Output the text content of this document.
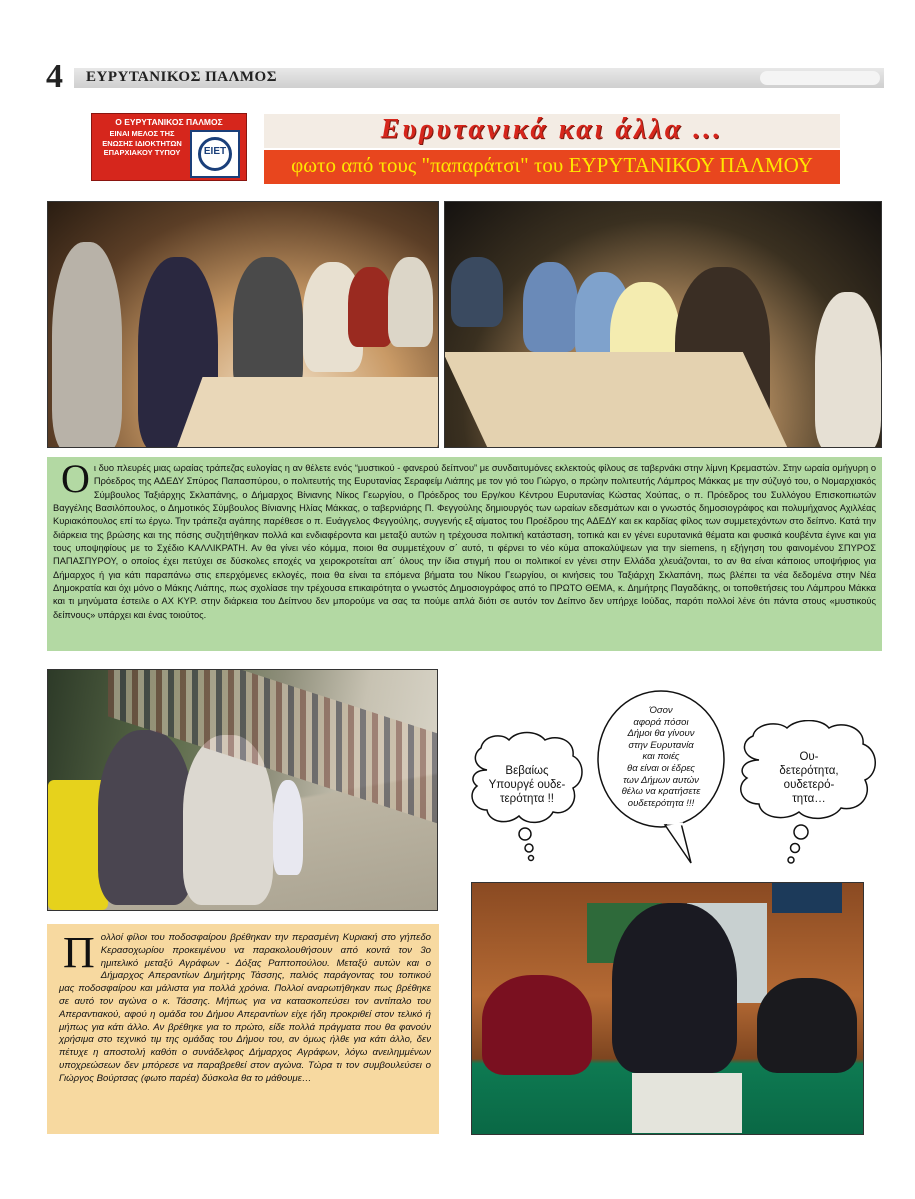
4 ΕΥΡΥΤΑΝΙΚΟΣ ΠΑΛΜΟΣ
Ο ΕΥΡΥΤΑΝΙΚΟΣ ΠΑΛΜΟΣ
ΕΙΝΑΙ ΜΕΛΟΣ ΤΗΣ ΕΝΩΣΗΣ ΙΔΙΟΚΤΗΤΩΝ ΕΠΑΡΧΙΑΚΟΥ ΤΥΠΟΥ	ΕΙΕΤ
Ευρυτανικά και άλλα ...
φωτο από τους "παπαράτσι" του ΕΥΡΥΤΑΝΙΚΟΥ ΠΑΛΜΟΥ

Οι δυο πλευρές μιας ωραίας τράπεζας ευλογίας η αν θέλετε ενός “μυστικού - φανερού δείπνου” με συνδαιτυμόνες εκλεκτούς φίλους σε ταβερνάκι στην λίμνη Κρεμαστών. Στην ωραία ομήγυρη ο Πρόεδρος της ΑΔΕΔΥ Σπύρος Παπασπύρου, ο πολιτευτής της Ευρυτανίας Σεραφείμ Λιάπης με τον γιό του Γιώργο, ο πρώην πολιτευτής Λάμπρος Μάκκας με την σύζυγό του, ο Νομαρχιακός Σύμβουλος Ταξιάρχης Σκλαπάνης, ο Δήμαρχος Βίνιανης Νίκος Γεωργίου, ο Πρόεδρος του Εργ/κου Κέντρου Ευρυτανίας Κώστας Χούπας, ο π. Πρόεδρος του Συλλόγου Επισκοπιωτών Βαγγέλης Βασιλόπουλος, ο Δημοτικός Σύμβουλος Βίνιανης Ηλίας Μάκκας, ο ταβερνιάρης Π. Φεγγούλης δημιουργός των ωραίων εδεσμάτων και ο γνωστός δημοσιογράφος και πολυμήχανος Αχιλλέας Κυριακόπουλος επί τω έργω. Την τράπεζα αγάπης παρέθεσε ο π. Ευάγγελος Φεγγούλης, συγγενής εξ αίματος του Προέδρου της ΑΔΕΔΥ και εκ καρδίας φίλος των συμμετεχόντων στο δείπνο. Κατά την διάρκεια της βρώσης και της πόσης συζητήθηκαν πολλά και ενδιαφέροντα και μεταξύ αυτών η τρέχουσα πολιτική κατάσταση, τοπικά και εν γένει ευρυτανικά θέματα και φυσικά κουβέντα έγινε και για τους υποψηφίους με το Σχέδιο ΚΑΛΛΙΚΡΑΤΗ. Αν θα γίνει νέο κόμμα, ποιοι θα συμμετέχουν σ΄ αυτό, τι φέρνει το νέο κύμα αποκαλύψεων για την siemens, η εξήγηση του φαινομένου ΣΠΥΡΟΣ ΠΑΠΑΣΠΥΡΟΥ, ο οποίος έχει πετύχει σε δύσκολες εποχές να χειροκροτείται απ΄ όλους την ίδια στιγμή που οι πολιτικοί εν γένει στην Ελλάδα χλευάζονται, το αν θα είναι κάποιος υποψήφιος για Δήμαρχος ή για κάτι παραπάνω στις επερχόμενες εκλογές, ποια θα είναι τα επόμενα βήματα του Νίκου Γεωργίου, οι κινήσεις του Ταξιάρχη Σκλαπάνη, πως βλέπει τα νέα δεδομένα στην Νέα Δημοκρατία και όχι μόνο ο Μάκης Λιάπης, πως σχολίασε την τρέχουσα επικαιρότητα ο γνωστός Δημοσιογράφος από το ΠΡΩΤΟ ΘΕΜΑ, κ. Δημήτρης Παγαδάκης, οι τοποθετήσεις του Λάμπρου Μάκκα και τι μηνύματα έστειλε ο ΑΧ ΚΥΡ. στην διάρκεια του Δείπνου δεν μπορούμε να σας τα πούμε απλά διότι σε αυτόν τον Δείπνο δεν υπήρχε Ιούδας, παρότι πολλοί λένε ότι πάντα στους «μυστικούς δείπνους» υπάρχει και ένας τοιούτος.

Πολλοί φίλοι του ποδοσφαίρου βρέθηκαν την περασμένη Κυριακή στο γήπεδο Κερασοχωρίου προκειμένου να παρακολουθήσουν από κοντά τον 3ο ημιτελικό μεταξύ Αγράφων - Δόξας Ραπτοπούλου. Μεταξύ αυτών και ο Δήμαρχος Απεραντίων Δημήτρης Τάσσης, παλιός παράγοντας του τοπικού μας ποδοσφαίρου και μάλιστα για πολλά χρόνια. Πολλοί αναρωτήθηκαν πως βρέθηκε σε αυτό τον αγώνα ο κ. Τάσσης. Μήπως για να κατασκοπεύσει τον αντίπαλο του Απεραντιακού, αφού η ομάδα του Δήμου Απεραντίων είχε ήδη προκριθεί στον τελικό ή μήπως για κάτι άλλο. Αν βρέθηκε για το πρώτο, είδε πολλά πράγματα που θα φανούν χρήσιμα στο τεχνικό τιμ της ομάδας του Δήμου του, αν όμως ήλθε για κάτι άλλο, δεν πέτυχε η αποστολή καθότι ο συνάδελφος Δήμαρχος Αγράφων, λόγω ανειλημμένων υποχρεώσεων δεν μπόρεσε να παραβρεθεί στον αγώνα. Τώρα τι τον συμβουλεύσει ο Γιώργος Βούρτσας (φωτο παρέα) δύσκολα θα το μάθουμε…

Βεβαίως
Υπουργέ ουδε-
τερότητα !!
Όσον
αφορά πόσοι
Δήμοι θα γίνουν
στην Ευρυτανία
και ποιές
θα είναι οι έδρες
των Δήμων αυτών
θέλω να κρατήσετε
ουδετερότητα !!!
Ου-
δετερότητα,
ουδετερό-
τητα…
